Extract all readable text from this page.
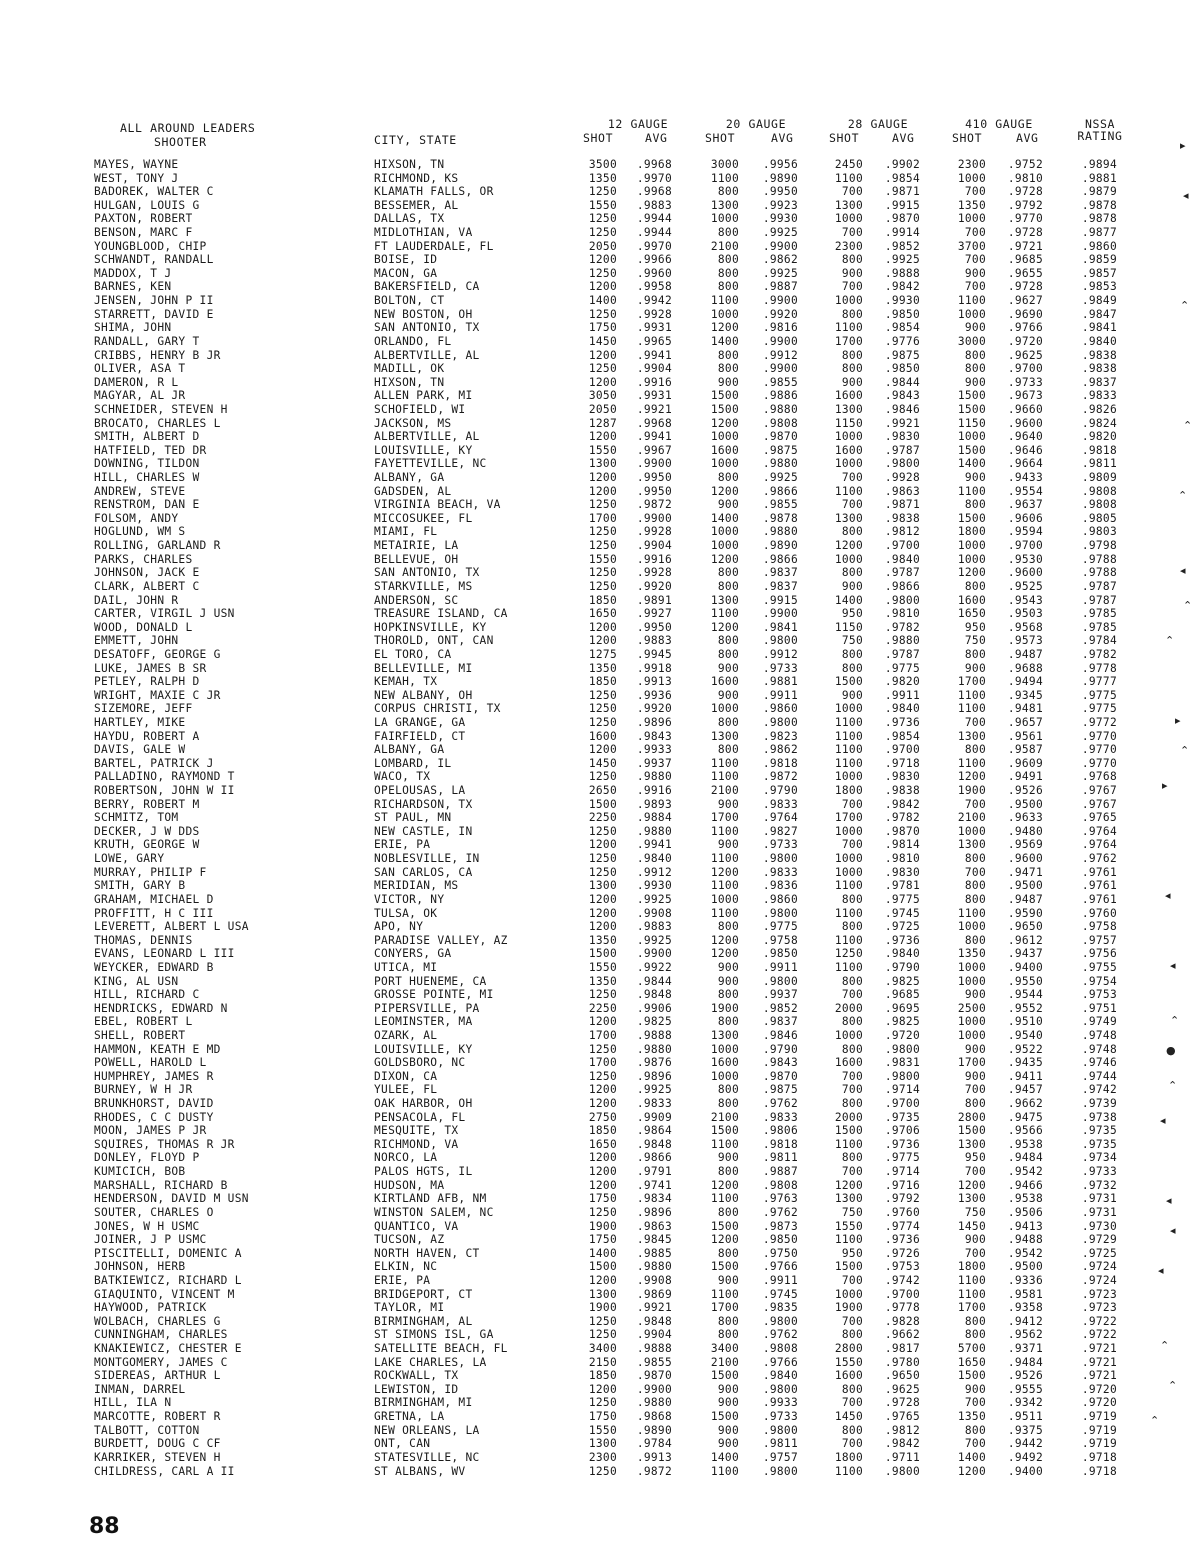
ALL AROUND LEADERS
SHOOTER	CITY, STATE
12 GAUGE
SHOT	AVG
20 GAUGE
SHOT	AVG
28 GAUGE
SHOT	AVG
410 GAUGE
SHOT	AVG
NSSA
RATING
MAYES, WAYNE	HIXSON, TN	3500 .9968	3000 .9956	2450 .9902	2300 .9752	.9894
WEST, TONY J	RICHMOND, KS	1350 .9970	1100 .9890	1100 .9854	1000 .9810	.9881
BADOREK, WALTER C	KLAMATH FALLS, OR	1250 .9968	800 .9950	700 .9871	700 .9728	.9879
HULGAN, LOUIS G	BESSEMER, AL	1550 .9883	1300 .9923	1300 .9915	1350 .9792	.9878
PAXTON, ROBERT	DALLAS, TX	1250 .9944	1000 .9930	1000 .9870	1000 .9770	.9878
BENSON, MARC F	MIDLOTHIAN, VA	1250 .9944	800 .9925	700 .9914	700 .9728	.9877
YOUNGBLOOD, CHIP	FT LAUDERDALE, FL	2050 .9970	2100 .9900	2300 .9852	3700 .9721	.9860
SCHWANDT, RANDALL	BOISE, ID	1200 .9966	800 .9862	800 .9925	700 .9685	.9859
MADDOX, T J	MACON, GA	1250 .9960	800 .9925	900 .9888	900 .9655	.9857
BARNES, KEN	BAKERSFIELD, CA	1200 .9958	800 .9887	700 .9842	700 .9728	.9853
JENSEN, JOHN P II	BOLTON, CT	1400 .9942	1100 .9900	1000 .9930	1100 .9627	.9849
STARRETT, DAVID E	NEW BOSTON, OH	1250 .9928	1000 .9920	800 .9850	1000 .9690	.9847
SHIMA, JOHN	SAN ANTONIO, TX	1750 .9931	1200 .9816	1100 .9854	900 .9766	.9841
RANDALL, GARY T	ORLANDO, FL	1450 .9965	1400 .9900	1700 .9776	3000 .9720	.9840
CRIBBS, HENRY B JR	ALBERTVILLE, AL	1200 .9941	800 .9912	800 .9875	800 .9625	.9838
OLIVER, ASA T	MADILL, OK	1250 .9904	800 .9900	800 .9850	800 .9700	.9838
DAMERON, R L	HIXSON, TN	1200 .9916	900 .9855	900 .9844	900 .9733	.9837
MAGYAR, AL JR	ALLEN PARK, MI	3050 .9931	1500 .9886	1600 .9843	1500 .9673	.9833
SCHNEIDER, STEVEN H	SCHOFIELD, WI	2050 .9921	1500 .9880	1300 .9846	1500 .9660	.9826
BROCATO, CHARLES L	JACKSON, MS	1287 .9968	1200 .9808	1150 .9921	1150 .9600	.9824
SMITH, ALBERT D	ALBERTVILLE, AL	1200 .9941	1000 .9870	1000 .9830	1000 .9640	.9820
HATFIELD, TED DR	LOUISVILLE, KY	1550 .9967	1600 .9875	1600 .9787	1500 .9646	.9818
DOWNING, TILDON	FAYETTEVILLE, NC	1300 .9900	1000 .9880	1000 .9800	1400 .9664	.9811
HILL, CHARLES W	ALBANY, GA	1200 .9950	800 .9925	700 .9928	900 .9433	.9809
ANDREW, STEVE	GADSDEN, AL	1200 .9950	1200 .9866	1100 .9863	1100 .9554	.9808
RENSTROM, DAN E	VIRGINIA BEACH, VA	1250 .9872	900 .9855	700 .9871	800 .9637	.9808
FOLSOM, ANDY	MICCOSUKEE, FL	1700 .9900	1400 .9878	1300 .9838	1500 .9606	.9805
HOGLUND, WM S	MIAMI, FL	1250 .9928	1000 .9880	800 .9812	1800 .9594	.9803
ROLLING, GARLAND R	METAIRIE, LA	1250 .9904	1000 .9890	1200 .9700	1000 .9700	.9798
PARKS, CHARLES	BELLEVUE, OH	1550 .9916	1200 .9866	1000 .9840	1000 .9530	.9788
JOHNSON, JACK E	SAN ANTONIO, TX	1250 .9928	800 .9837	800 .9787	1200 .9600	.9788
CLARK, ALBERT C	STARKVILLE, MS	1250 .9920	800 .9837	900 .9866	800 .9525	.9787
DAIL, JOHN R	ANDERSON, SC	1850 .9891	1300 .9915	1400 .9800	1600 .9543	.9787
CARTER, VIRGIL J USN	TREASURE ISLAND, CA	1650 .9927	1100 .9900	950 .9810	1650 .9503	.9785
WOOD, DONALD L	HOPKINSVILLE, KY	1200 .9950	1200 .9841	1150 .9782	950 .9568	.9785
EMMETT, JOHN	THOROLD, ONT, CAN	1200 .9883	800 .9800	750 .9880	750 .9573	.9784
DESATOFF, GEORGE G	EL TORO, CA	1275 .9945	800 .9912	800 .9787	800 .9487	.9782
LUKE, JAMES B SR	BELLEVILLE, MI	1350 .9918	900 .9733	800 .9775	900 .9688	.9778
PETLEY, RALPH D	KEMAH, TX	1850 .9913	1600 .9881	1500 .9820	1700 .9494	.9777
WRIGHT, MAXIE C JR	NEW ALBANY, OH	1250 .9936	900 .9911	900 .9911	1100 .9345	.9775
SIZEMORE, JEFF	CORPUS CHRISTI, TX	1250 .9920	1000 .9860	1000 .9840	1100 .9481	.9775
HARTLEY, MIKE	LA GRANGE, GA	1250 .9896	800 .9800	1100 .9736	700 .9657	.9772
HAYDU, ROBERT A	FAIRFIELD, CT	1600 .9843	1300 .9823	1100 .9854	1300 .9561	.9770
DAVIS, GALE W	ALBANY, GA	1200 .9933	800 .9862	1100 .9700	800 .9587	.9770
BARTEL, PATRICK J	LOMBARD, IL	1450 .9937	1100 .9818	1100 .9718	1100 .9609	.9770
PALLADINO, RAYMOND T	WACO, TX	1250 .9880	1100 .9872	1000 .9830	1200 .9491	.9768
ROBERTSON, JOHN W II	OPELOUSAS, LA	2650 .9916	2100 .9790	1800 .9838	1900 .9526	.9767
BERRY, ROBERT M	RICHARDSON, TX	1500 .9893	900 .9833	700 .9842	700 .9500	.9767
SCHMITZ, TOM	ST PAUL, MN	2250 .9884	1700 .9764	1700 .9782	2100 .9633	.9765
DECKER, J W DDS	NEW CASTLE, IN	1250 .9880	1100 .9827	1000 .9870	1000 .9480	.9764
KRUTH, GEORGE W	ERIE, PA	1200 .9941	900 .9733	700 .9814	1300 .9569	.9764
LOWE, GARY	NOBLESVILLE, IN	1250 .9840	1100 .9800	1000 .9810	800 .9600	.9762
MURRAY, PHILIP F	SAN CARLOS, CA	1250 .9912	1200 .9833	1000 .9830	700 .9471	.9761
SMITH, GARY B	MERIDIAN, MS	1300 .9930	1100 .9836	1100 .9781	800 .9500	.9761
GRAHAM, MICHAEL D	VICTOR, NY	1200 .9925	1000 .9860	800 .9775	800 .9487	.9761
PROFFITT, H C III	TULSA, OK	1200 .9908	1100 .9800	1100 .9745	1100 .9590	.9760
LEVERETT, ALBERT L USA	APO, NY	1200 .9883	800 .9775	800 .9725	1000 .9650	.9758
THOMAS, DENNIS	PARADISE VALLEY, AZ	1350 .9925	1200 .9758	1100 .9736	800 .9612	.9757
EVANS, LEONARD L III	CONYERS, GA	1500 .9900	1200 .9850	1250 .9840	1350 .9437	.9756
WEYCKER, EDWARD B	UTICA, MI	1550 .9922	900 .9911	1100 .9790	1000 .9400	.9755
KING, AL USN	PORT HUENEME, CA	1350 .9844	900 .9800	800 .9825	1000 .9550	.9754
HILL, RICHARD C	GROSSE POINTE, MI	1250 .9848	800 .9937	700 .9685	900 .9544	.9753
HENDRICKS, EDWARD N	PIPERSVILLE, PA	2250 .9906	1900 .9852	2000 .9695	2500 .9552	.9751
EBEL, ROBERT L	LEOMINSTER, MA	1200 .9825	800 .9837	800 .9825	1000 .9510	.9749
SHELL, ROBERT	OZARK, AL	1700 .9888	1300 .9846	1000 .9720	1000 .9540	.9748
HAMMON, KEATH E MD	LOUISVILLE, KY	1250 .9880	1000 .9790	800 .9800	900 .9522	.9748
POWELL, HAROLD L	GOLDSBORO, NC	1700 .9876	1600 .9843	1600 .9831	1700 .9435	.9746
HUMPHREY, JAMES R	DIXON, CA	1250 .9896	1000 .9870	700 .9800	900 .9411	.9744
BURNEY, W H JR	YULEE, FL	1200 .9925	800 .9875	700 .9714	700 .9457	.9742
BRUNKHORST, DAVID	OAK HARBOR, OH	1200 .9833	800 .9762	800 .9700	800 .9662	.9739
RHODES, C C DUSTY	PENSACOLA, FL	2750 .9909	2100 .9833	2000 .9735	2800 .9475	.9738
MOON, JAMES P JR	MESQUITE, TX	1850 .9864	1500 .9806	1500 .9706	1500 .9566	.9735
SQUIRES, THOMAS R JR	RICHMOND, VA	1650 .9848	1100 .9818	1100 .9736	1300 .9538	.9735
DONLEY, FLOYD P	NORCO, LA	1200 .9866	900 .9811	800 .9775	950 .9484	.9734
KUMICICH, BOB	PALOS HGTS, IL	1200 .9791	800 .9887	700 .9714	700 .9542	.9733
MARSHALL, RICHARD B	HUDSON, MA	1200 .9741	1200 .9808	1200 .9716	1200 .9466	.9732
HENDERSON, DAVID M USN	KIRTLAND AFB, NM	1750 .9834	1100 .9763	1300 .9792	1300 .9538	.9731
SOUTER, CHARLES O	WINSTON SALEM, NC	1250 .9896	800 .9762	750 .9760	750 .9506	.9731
JONES, W H USMC	QUANTICO, VA	1900 .9863	1500 .9873	1550 .9774	1450 .9413	.9730
JOINER, J P USMC	TUCSON, AZ	1750 .9845	1200 .9850	1100 .9736	900 .9488	.9729
PISCITELLI, DOMENIC A	NORTH HAVEN, CT	1400 .9885	800 .9750	950 .9726	700 .9542	.9725
JOHNSON, HERB	ELKIN, NC	1500 .9880	1500 .9766	1500 .9753	1800 .9500	.9724
BATKIEWICZ, RICHARD L	ERIE, PA	1200 .9908	900 .9911	700 .9742	1100 .9336	.9724
GIAQUINTO, VINCENT M	BRIDGEPORT, CT	1300 .9869	1100 .9745	1000 .9700	1100 .9581	.9723
HAYWOOD, PATRICK	TAYLOR, MI	1900 .9921	1700 .9835	1900 .9778	1700 .9358	.9723
WOLBACH, CHARLES G	BIRMINGHAM, AL	1250 .9848	800 .9800	700 .9828	800 .9412	.9722
CUNNINGHAM, CHARLES	ST SIMONS ISL, GA	1250 .9904	800 .9762	800 .9662	800 .9562	.9722
KNAKIEWICZ, CHESTER E	SATELLITE BEACH, FL	3400 .9888	3400 .9808	2800 .9817	5700 .9371	.9721
MONTGOMERY, JAMES C	LAKE CHARLES, LA	2150 .9855	2100 .9766	1550 .9780	1650 .9484	.9721
SIDEREAS, ARTHUR L	ROCKWALL, TX	1850 .9870	1500 .9840	1600 .9650	1500 .9526	.9721
INMAN, DARREL	LEWISTON, ID	1200 .9900	900 .9800	800 .9625	900 .9555	.9720
HILL, ILA N	BIRMINGHAM, MI	1250 .9880	900 .9933	700 .9728	700 .9342	.9720
MARCOTTE, ROBERT R	GRETNA, LA	1750 .9868	1500 .9733	1450 .9765	1350 .9511	.9719
TALBOTT, COTTON	NEW ORLEANS, LA	1550 .9890	900 .9800	800 .9812	800 .9375	.9719
BURDETT, DOUG C CF	ONT, CAN	1300 .9784	900 .9811	700 .9842	700 .9442	.9719
KARRIKER, STEVEN H	STATESVILLE, NC	2300 .9913	1400 .9757	1800 .9711	1400 .9492	.9718
CHILDRESS, CARL A II	ST ALBANS, WV	1250 .9872	1100 .9800	1100 .9800	1200 .9400	.9718
88
▸
◂
⌃
⌃
⌃
◂
⌃
⌃
▸
⌃
▸
◂
◂
⌃
●
⌃
◂
◂
◂
◂
⌃
⌃
⌃
